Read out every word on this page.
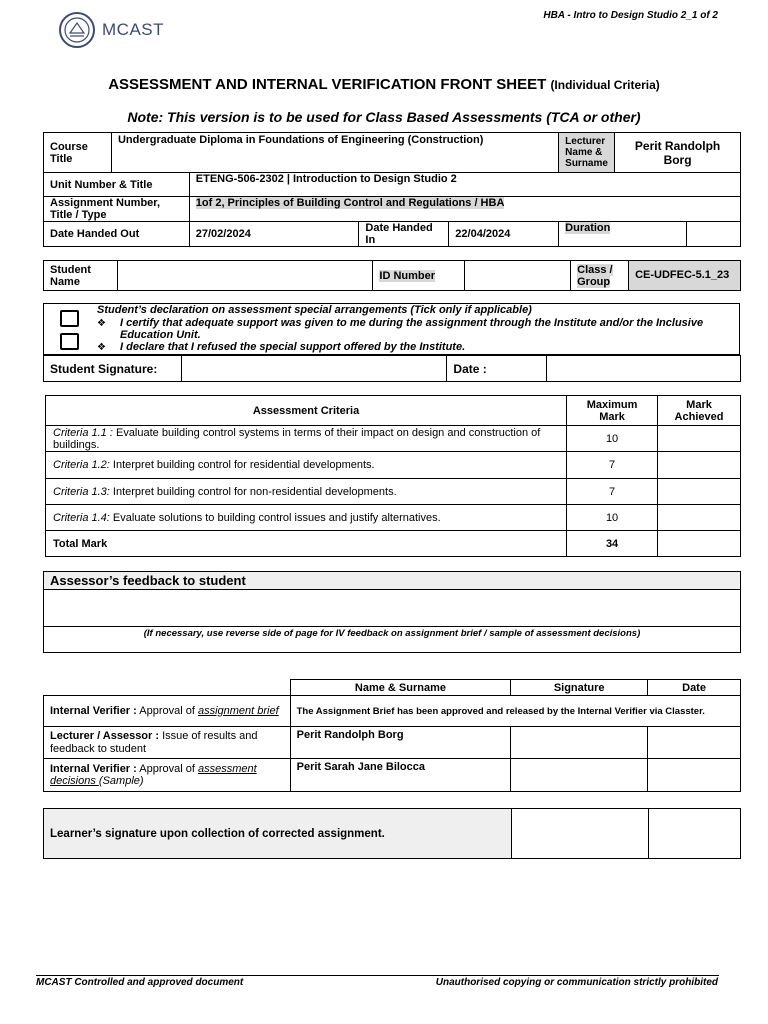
MCAST
HBA - Intro to Design Studio 2_1 of 2
ASSESSMENT AND INTERNAL VERIFICATION FRONT SHEET (Individual Criteria)
Note: This version is to be used for Class Based Assessments (TCA or other)
Course Title	Undergraduate Diploma in Foundations of Engineering (Construction)				Lecturer Name & Surname	Perit Randolph Borg	
Unit Number & Title		ETENG-506-2302 | Introduction to Design Studio 2					
Assignment Number, Title / Type		1of 2, Principles of Building Control and Regulations / HBA					
Date Handed Out		27/02/2024	Date Handed In	22/04/2024	Duration		
Student Name		ID Number		Class / Group	CE-UDFEC-5.1_23
Student’s declaration on assessment special arrangements (Tick only if applicable)
❖ I certify that adequate support was given to me during the assignment through the Institute and/or the Inclusive Education Unit.
❖ I declare that I refused the special support offered by the Institute.
Student Signature:		Date :	
Assessment Criteria	Maximum Mark	Mark Achieved
Criteria 1.1 : Evaluate building control systems in terms of their impact on design and construction of buildings.	10	
Criteria 1.2: Interpret building control for residential developments.	7	
Criteria 1.3: Interpret building control for non-residential developments.	7	
Criteria 1.4: Evaluate solutions to building control issues and justify alternatives.	10	
Total Mark	34	
Assessor’s feedback to student

(If necessary, use reverse side of page for IV feedback on assignment brief / sample of assessment decisions)
	Name & Surname	Signature	Date
Internal Verifier : Approval of assignment brief	The Assignment Brief has been approved and released by the Internal Verifier via Classter.		
Lecturer / Assessor : Issue of results and feedback to student	Perit Randolph Borg		
Internal Verifier : Approval of assessment decisions (Sample)	Perit Sarah Jane Bilocca		
Learner’s signature upon collection of corrected assignment.		
MCAST Controlled and approved document	Unauthorised copying or communication strictly prohibited
